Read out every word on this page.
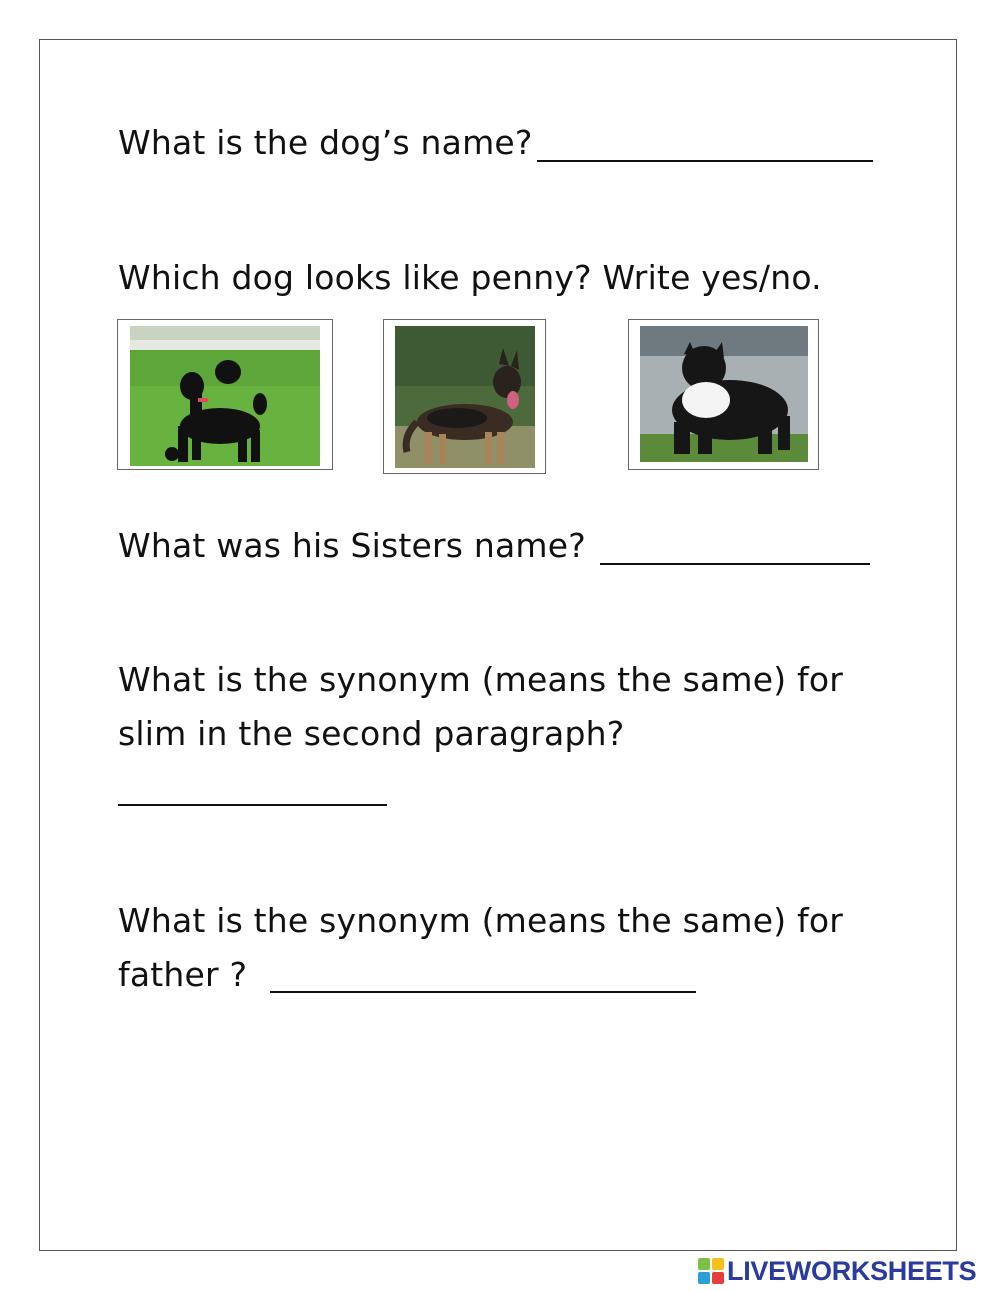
What is the dog’s name?
Which dog looks like penny? Write yes/no.
What was his Sisters name?
What is the synonym (means the same) for
slim in the second paragraph?
What is the synonym (means the same) for
father ?
LIVEWORKSHEETS
